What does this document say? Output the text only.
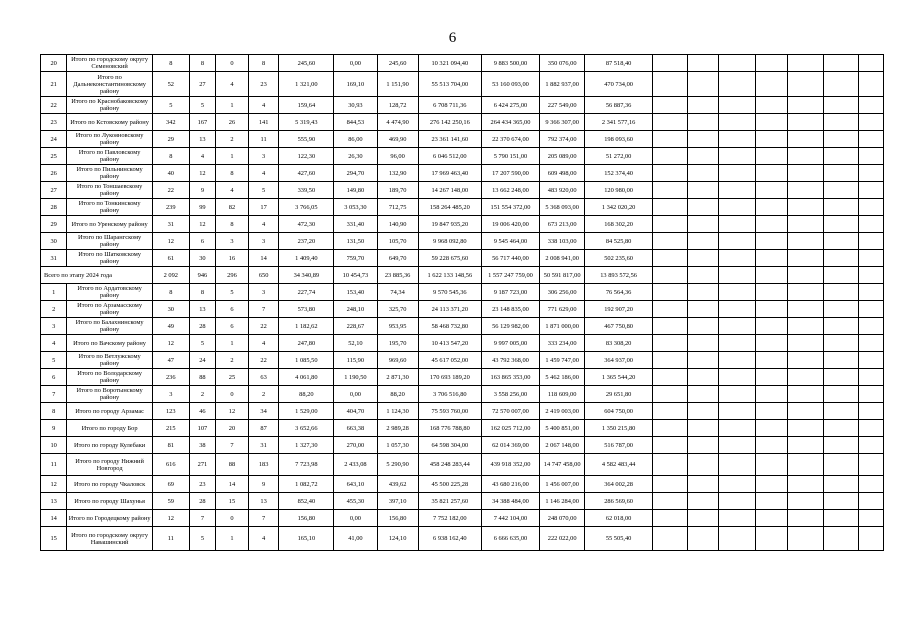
6
20	Итого по городскому округу Семеновский	8	8	0	8	245,60	0,00	245,60	10 321 094,40	9 883 500,00	350 076,00	87 518,40							
21	Итого по Дальнеконстантиновскому району	52	27	4	23	1 321,00	169,10	1 151,90	55 513 704,00	53 160 093,00	1 882 937,00	470 734,00							
22	Итого по Краснобаковскому району	5	5	1	4	159,64	30,93	128,72	6 708 711,36	6 424 275,00	227 549,00	56 887,36							
23	Итого по Кстовскому району	342	167	26	141	5 319,43	844,53	4 474,90	276 142 250,16	264 434 365,00	9 366 307,00	2 341 577,16							
24	Итого по Лукояновскому району	29	13	2	11	555,90	86,00	469,90	23 361 141,60	22 370 674,00	792 374,00	198 093,60							
25	Итого по Павловскому району	8	4	1	3	122,30	26,30	96,00	6 046 512,00	5 790 151,00	205 089,00	51 272,00							
26	Итого по Пильнинскому району	40	12	8	4	427,60	294,70	132,90	17 969 463,40	17 207 590,00	609 498,00	152 374,40							
27	Итого по Тоншаевскому району	22	9	4	5	339,50	149,80	189,70	14 267 148,00	13 662 248,00	483 920,00	120 980,00							
28	Итого по Тонкинскому району	239	99	82	17	3 766,05	3 053,30	712,75	158 264 485,20	151 554 372,00	5 368 093,00	1 342 020,20							
29	Итого по Уренскому району	31	12	8	4	472,30	331,40	140,90	19 847 935,20	19 006 420,00	673 213,00	168 302,20							
30	Итого по Шарангскому району	12	6	3	3	237,20	131,50	105,70	9 968 092,80	9 545 464,00	338 103,00	84 525,80							
31	Итого по Шатковскому району	61	30	16	14	1 409,40	759,70	649,70	59 228 675,60	56 717 440,00	2 008 941,00	502 235,60							
Всего по этапу 2024 года		2 092	946	296	650	34 340,89	10 454,73	23 885,36	1 622 133 148,56	1 557 247 759,00	50 591 817,00	13 893 572,56							
1	Итого по Ардатовскому району	8	8	5	3	227,74	153,40	74,34	9 570 545,36	9 187 723,00	306 256,00	76 564,36							
2	Итого по Арзамасскому району	30	13	6	7	573,80	248,10	325,70	24 113 371,20	23 148 835,00	771 629,00	192 907,20							
3	Итого по Балахнинскому району	49	28	6	22	1 182,62	228,67	953,95	58 468 732,80	56 129 982,00	1 871 000,00	467 750,80							
4	Итого по Вачскому району	12	5	1	4	247,80	52,10	195,70	10 413 547,20	9 997 005,00	333 234,00	83 308,20							
5	Итого по Ветлужскому району	47	24	2	22	1 085,50	115,90	969,60	45 617 052,00	43 792 368,00	1 459 747,00	364 937,00							
6	Итого по Володарскому району	236	88	25	63	4 061,80	1 190,50	2 871,30	170 693 189,20	163 865 353,00	5 462 186,00	1 365 544,20							
7	Итого по Воротынскому району	3	2	0	2	88,20	0,00	88,20	3 706 516,80	3 558 256,00	118 609,00	29 651,80							
8	Итого по городу Арзамас	123	46	12	34	1 529,00	404,70	1 124,30	75 593 760,00	72 570 007,00	2 419 003,00	604 750,00							
9	Итого по городу Бор	215	107	20	87	3 652,66	663,38	2 989,28	168 776 788,80	162 025 712,00	5 400 851,00	1 350 215,80							
10	Итого по городу Кулебаки	81	38	7	31	1 327,30	270,00	1 057,30	64 598 304,00	62 014 369,00	2 067 148,00	516 787,00							
11	Итого по городу Нижний Новгород	616	271	88	183	7 723,98	2 433,08	5 290,90	458 248 283,44	439 918 352,00	14 747 458,00	4 582 483,44							
12	Итого по городу Чкаловск	69	23	14	9	1 082,72	643,10	439,62	45 500 225,28	43 680 216,00	1 456 007,00	364 002,28							
13	Итого по городу Шахунья	59	28	15	13	852,40	455,30	397,10	35 821 257,60	34 388 484,00	1 146 284,00	286 569,60							
14	Итого по Городецкому району	12	7	0	7	156,80	0,00	156,80	7 752 182,00	7 442 104,00	248 070,00	62 018,00							
15	Итого по городскому округу Навашинский	11	5	1	4	165,10	41,00	124,10	6 938 162,40	6 666 635,00	222 022,00	55 505,40							
